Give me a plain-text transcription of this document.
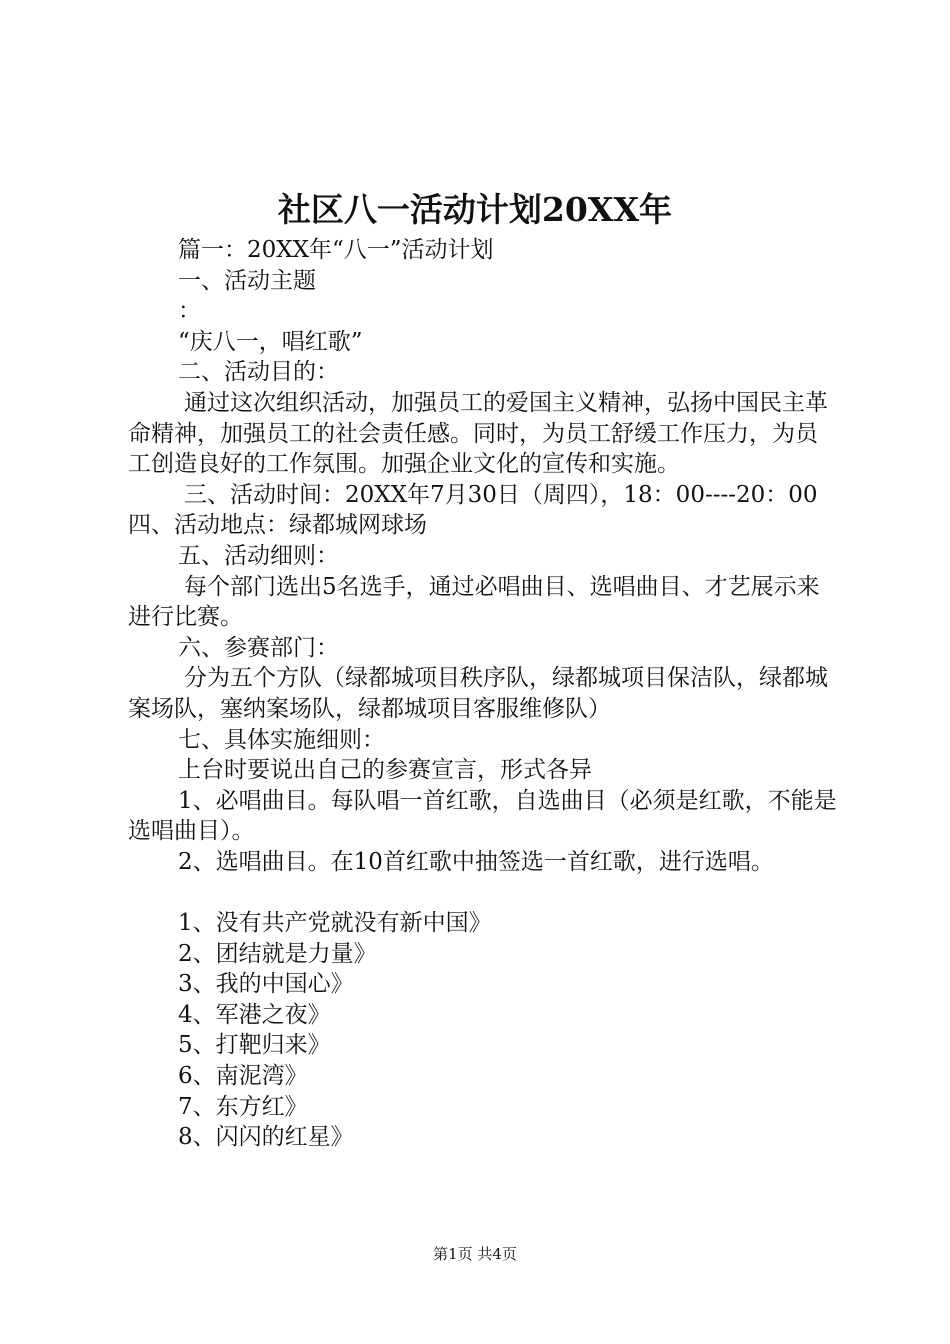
社区八一活动计划20XX年

篇一：20XX年“八一”活动计划

一、活动主题

：

“庆八一，唱红歌”

二、活动目的：

通过这次组织活动，加强员工的爱国主义精神，弘扬中国民主革命精神，加强员工的社会责任感。同时，为员工舒缓工作压力，为员工创造良好的工作氛围。加强企业文化的宣传和实施。

三、活动时间：20XX年7月30日（周四），18：00----20：00四、活动地点：绿都城网球场

五、活动细则：

每个部门选出5名选手，通过必唱曲目、选唱曲目、才艺展示来进行比赛。

六、参赛部门：

分为五个方队（绿都城项目秩序队，绿都城项目保洁队，绿都城案场队，塞纳案场队，绿都城项目客服维修队）

七、具体实施细则：

上台时要说出自己的参赛宣言，形式各异

1、必唱曲目。每队唱一首红歌，自选曲目（必须是红歌，不能是选唱曲目）。

2、选唱曲目。在10首红歌中抽签选一首红歌，进行选唱。

1、没有共产党就没有新中国》

2、团结就是力量》

3、我的中国心》

4、军港之夜》

5、打靶归来》

6、南泥湾》

7、东方红》

8、闪闪的红星》

第1页 共4页
